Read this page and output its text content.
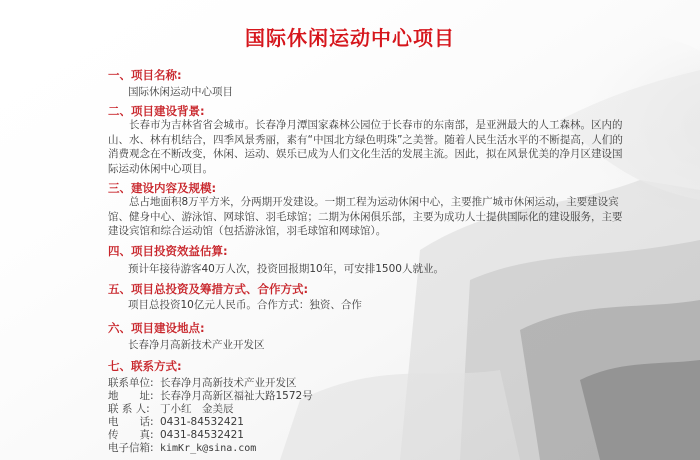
国际休闲运动中心项目
一、项目名称:
国际休闲运动中心项目
二、项目建设背景:
长春市为吉林省省会城市。长春净月潭国家森林公园位于长春市的东南部，是亚洲最大的人工森林。区内的山、水、林有机结合，四季风景秀丽，素有“中国北方绿色明珠”之美誉。随着人民生活水平的不断提高，人们的消费观念在不断改变，休闲、运动、娱乐已成为人们文化生活的发展主流。因此，拟在风景优美的净月区建设国际运动休闲中心项目。
三、建设内容及规模:
总占地面积8万平方米，分两期开发建设。一期工程为运动休闲中心，主要推广城市休闲运动，主要建设宾馆、健身中心、游泳馆、网球馆、羽毛球馆；二期为休闲俱乐部，主要为成功人士提供国际化的建设服务，主要建设宾馆和综合运动馆（包括游泳馆，羽毛球馆和网球馆）。
四、项目投资效益估算:
预计年接待游客40万人次，投资回报期10年，可安排1500人就业。
五、项目总投资及筹措方式、合作方式:
项目总投资10亿元人民币。合作方式：独资、合作
六、项目建设地点:
长春净月高新技术产业开发区
七、联系方式:
联系单位: 长春净月高新技术产业开发区
地　　址: 长春净月高新区福祉大路1572号
联 系 人: 丁小红　金美辰
电　　话: 0431-84532421
传　　真: 0431-84532421
电子信箱: kimKr_k@sina.com
